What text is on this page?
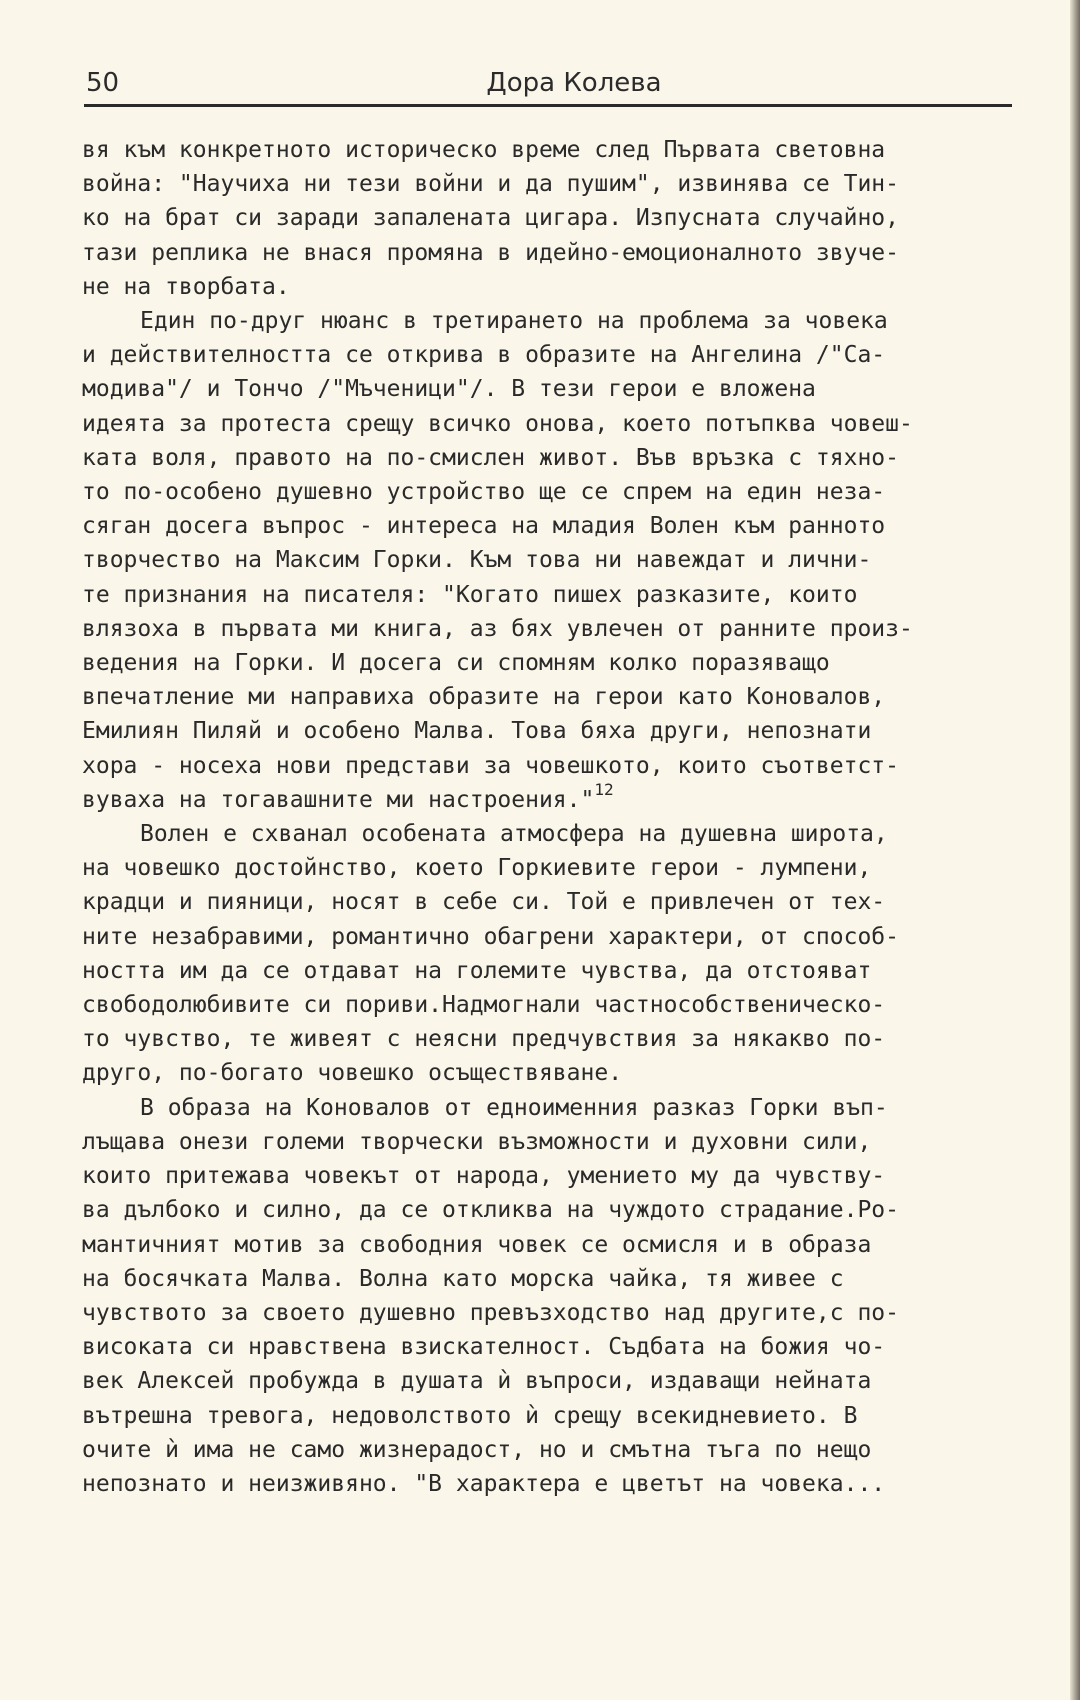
50	Дора Колева
вя към конкретното историческо време след Първата световна
война: "Научиха ни тези войни и да пушим", извинява се Тин-
ко на брат си заради запалената цигара. Изпусната случайно,
тази реплика не внася промяна в идейно-емоционалното звуче-
не на творбата.
Един по-друг нюанс в третирането на проблема за човека
и действителността се открива в образите на Ангелина /"Са-
модива"/ и Тончо /"Мъченици"/. В тези герои е вложена
идеята за протеста срещу всичко онова, което потъпква човеш-
ката воля, правото на по-смислен живот. Във връзка с тяхно-
то по-особено душевно устройство ще се спрем на един неза-
сяган досега въпрос - интереса на младия Волен към ранното
творчество на Максим Горки. Към това ни навеждат и лични-
те признания на писателя: "Когато пишех разказите, които
влязоха в първата ми книга, аз бях увлечен от ранните произ-
ведения на Горки. И досега си спомням колко поразяващо
впечатление ми направиха образите на герои като Коновалов,
Емилиян Пиляй и особено Малва. Това бяха други, непознати
хора - носеха нови представи за човешкото, които съответст-
вуваха на тогавашните ми настроения."$^{12}$
Волен е схванал особената атмосфера на душевна широта,
на човешко достойнство, което Горкиевите герои - лумпени,
крадци и пияници, носят в себе си. Той е привлечен от тех-
ните незабравими, романтично обагрени характери, от способ-
ността им да се отдават на големите чувства, да отстояват
свободолюбивите си пориви.Надмогнали частнособственическо-
то чувство, те живеят с неясни предчувствия за някакво по-
друго, по-богато човешко осъществяване.
В образа на Коновалов от едноименния разказ Горки въп-
лъщава онези големи творчески възможности и духовни сили,
които притежава човекът от народа, умението му да чувству-
ва дълбоко и силно, да се откликва на чуждото страдание.Ро-
мантичният мотив за свободния човек се осмисля и в образа
на босячката Малва. Волна като морска чайка, тя живее с
чувството за своето душевно превъзходство над другите,с по-
високата си нравствена взискателност. Съдбата на божия чо-
век Алексей пробужда в душата ѝ въпроси, издаващи нейната
вътрешна тревога, недоволството ѝ срещу всекидневието. В
очите ѝ има не само жизнерадост, но и смътна тъга по нещо
непознато и неизживяно. "В характера е цветът на човека...
